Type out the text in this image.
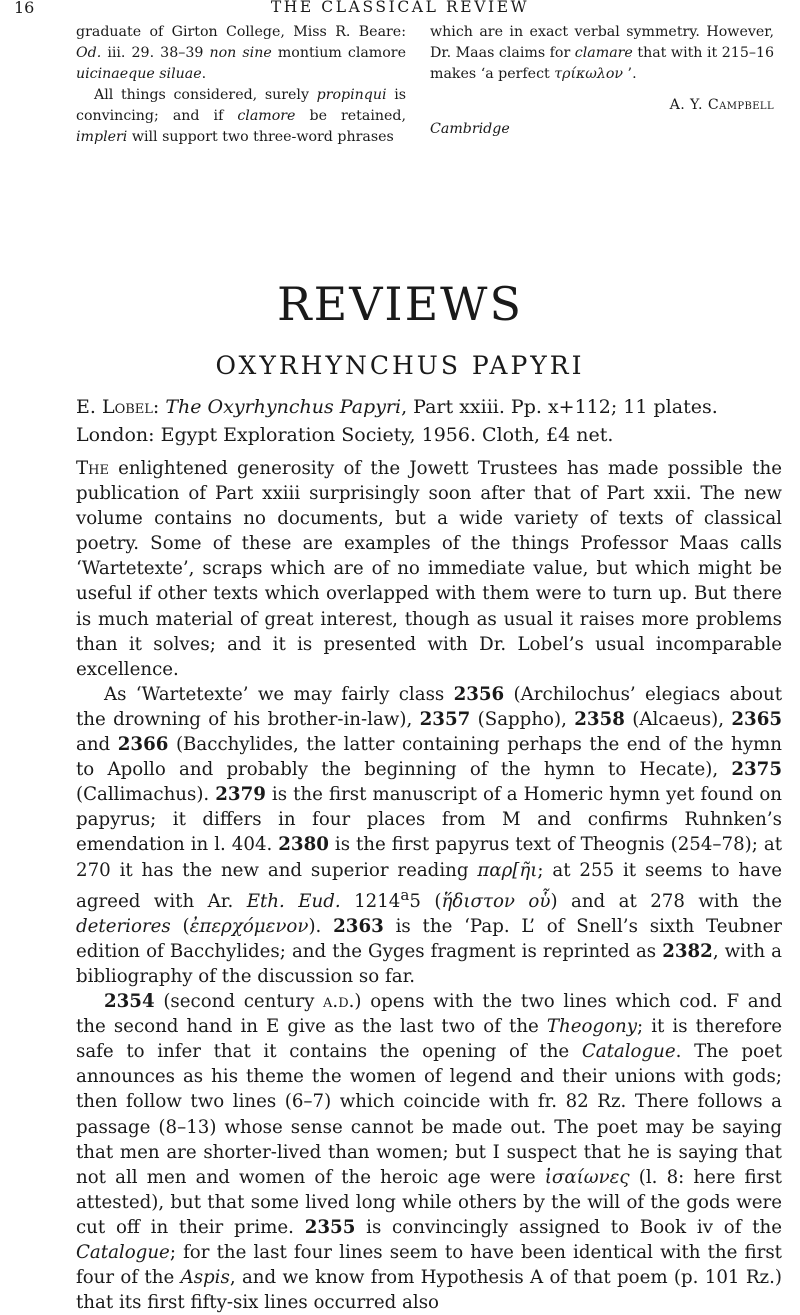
16	THE CLASSICAL REVIEW

graduate of Girton College, Miss R. Beare: Od. iii. 29. 38–39 non sine montium clamore uicinaeque siluae.

All things considered, surely propinqui is convincing; and if clamore be retained, impleri will support two three-word phrases

which are in exact verbal symmetry. However, Dr. Maas claims for clamare that with it 215–16 makes ‘a perfect τρίκωλον ’.

A. Y. Campbell

Cambridge

REVIEWS
OXYRHYNCHUS PAPYRI

E. Lobel: The Oxyrhynchus Papyri, Part xxiii. Pp. x+112; 11 plates. London: Egypt Exploration Society, 1956. Cloth, £4 net.

The enlightened generosity of the Jowett Trustees has made possible the publication of Part xxiii surprisingly soon after that of Part xxii. The new volume contains no documents, but a wide variety of texts of classical poetry. Some of these are examples of the things Professor Maas calls ‘Wartetexte’, scraps which are of no immediate value, but which might be useful if other texts which overlapped with them were to turn up. But there is much material of great interest, though as usual it raises more problems than it solves; and it is presented with Dr. Lobel’s usual incomparable excellence.

As ‘Wartetexte’ we may fairly class 2356 (Archilochus’ elegiacs about the drowning of his brother-in-law), 2357 (Sappho), 2358 (Alcaeus), 2365 and 2366 (Bacchylides, the latter containing perhaps the end of the hymn to Apollo and probably the beginning of the hymn to Hecate), 2375 (Callimachus). 2379 is the first manuscript of a Homeric hymn yet found on papyrus; it differs in four places from M and confirms Ruhnken’s emendation in l. 404. 2380 is the first papyrus text of Theognis (254–78); at 270 it has the new and superior reading παρ[ῆι; at 255 it seems to have agreed with Ar. Eth. Eud. 1214$^a$5 (ἥδιστον οὗ) and at 278 with the deteriores (ἐπερχόμενον). 2363 is the ‘Pap. L’ of Snell’s sixth Teubner edition of Bacchylides; and the Gyges fragment is reprinted as 2382, with a bibliography of the discussion so far.

2354 (second century a.d.) opens with the two lines which cod. F and the second hand in E give as the last two of the Theogony; it is therefore safe to infer that it contains the opening of the Catalogue. The poet announces as his theme the women of legend and their unions with gods; then follow two lines (6–7) which coincide with fr. 82 Rz. There follows a passage (8–13) whose sense cannot be made out. The poet may be saying that men are shorter-lived than women; but I suspect that he is saying that not all men and women of the heroic age were ἰσαίωνες (l. 8: here first attested), but that some lived long while others by the will of the gods were cut off in their prime. 2355 is convincingly assigned to Book iv of the Catalogue; for the last four lines seem to have been identical with the first four of the Aspis, and we know from Hypothesis A of that poem (p. 101 Rz.) that its first fifty-six lines occurred also
